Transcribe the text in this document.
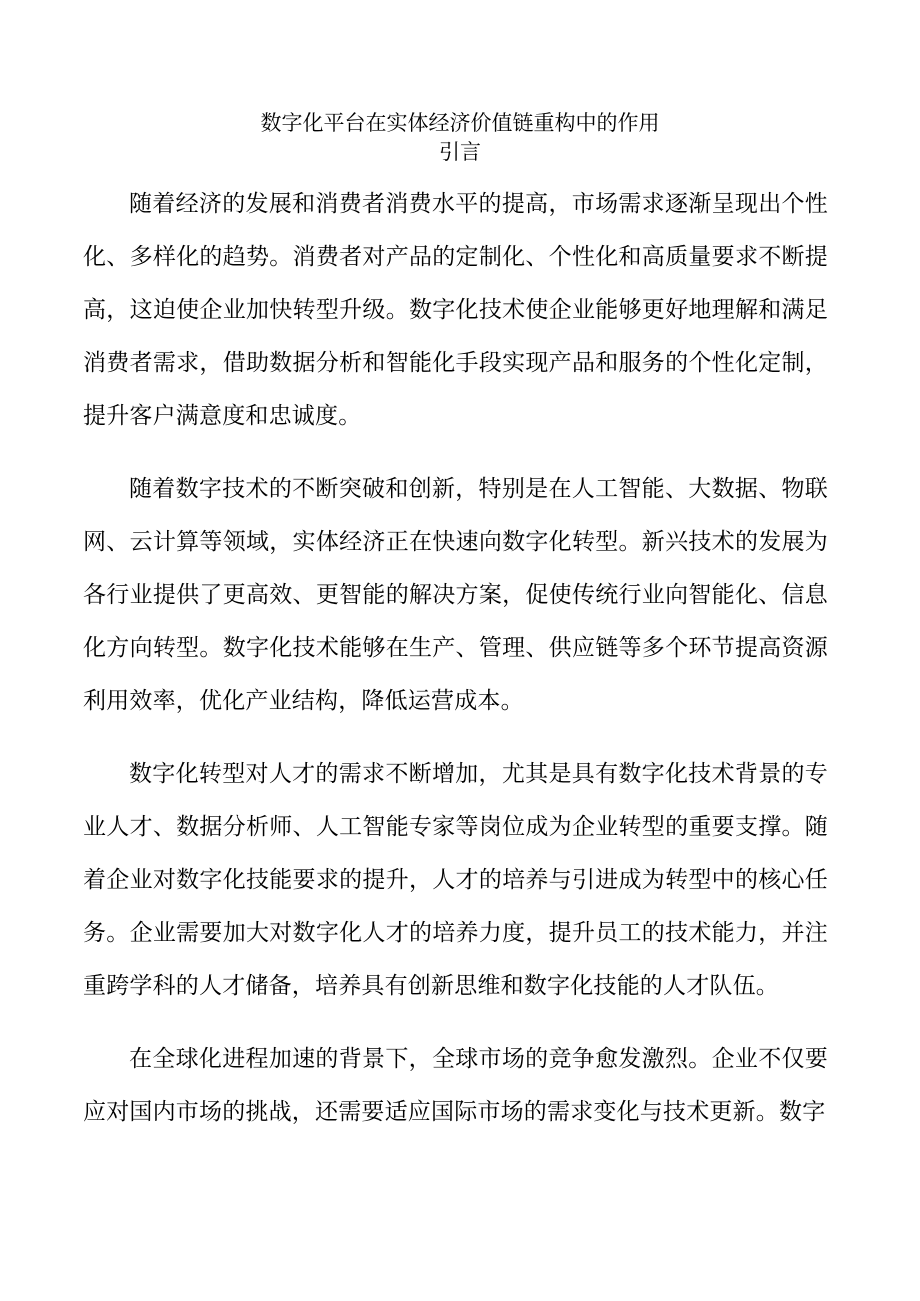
数字化平台在实体经济价值链重构中的作用
引言

随着经济的发展和消费者消费水平的提高，市场需求逐渐呈现出个性化、多样化的趋势。消费者对产品的定制化、个性化和高质量要求不断提高，这迫使企业加快转型升级。数字化技术使企业能够更好地理解和满足消费者需求，借助数据分析和智能化手段实现产品和服务的个性化定制，提升客户满意度和忠诚度。

随着数字技术的不断突破和创新，特别是在人工智能、大数据、物联网、云计算等领域，实体经济正在快速向数字化转型。新兴技术的发展为各行业提供了更高效、更智能的解决方案，促使传统行业向智能化、信息化方向转型。数字化技术能够在生产、管理、供应链等多个环节提高资源利用效率，优化产业结构，降低运营成本。

数字化转型对人才的需求不断增加，尤其是具有数字化技术背景的专业人才、数据分析师、人工智能专家等岗位成为企业转型的重要支撑。随着企业对数字化技能要求的提升，人才的培养与引进成为转型中的核心任务。企业需要加大对数字化人才的培养力度，提升员工的技术能力，并注重跨学科的人才储备，培养具有创新思维和数字化技能的人才队伍。

在全球化进程加速的背景下，全球市场的竞争愈发激烈。企业不仅要应对国内市场的挑战，还需要适应国际市场的需求变化与技术更新。数字
